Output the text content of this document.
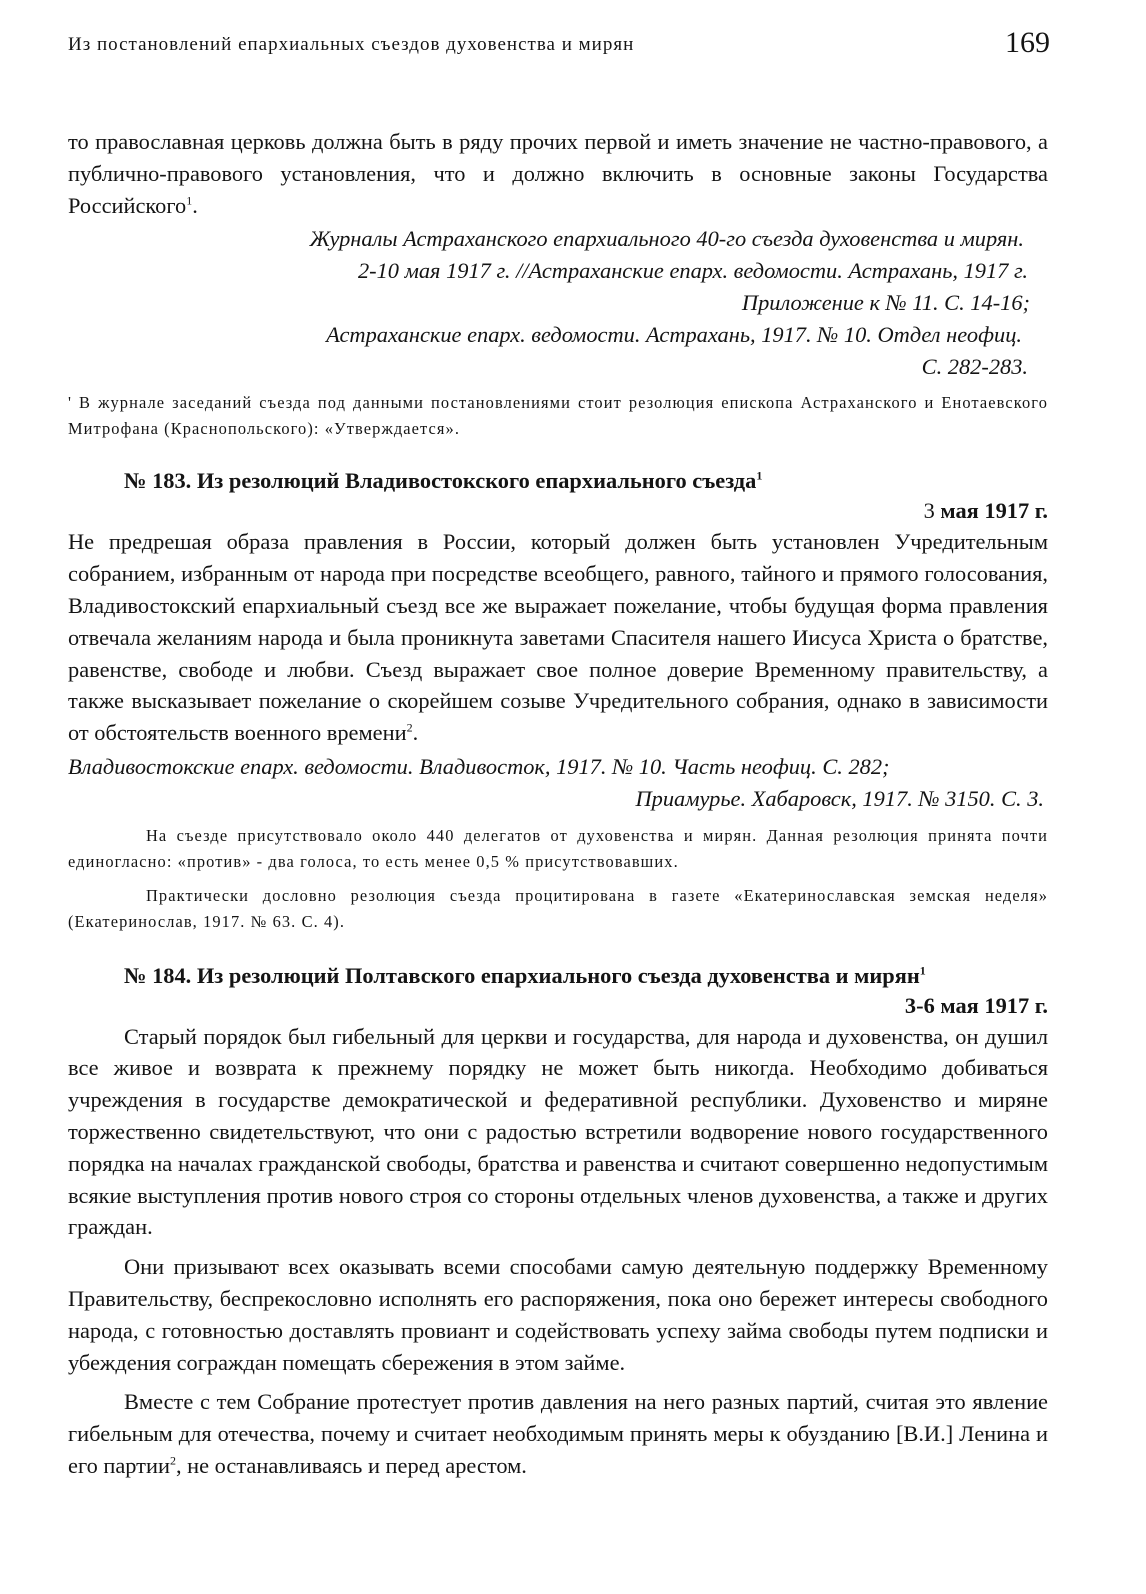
Из постановлений епархиальных съездов духовенства и мирян	169

то православная церковь должна быть в ряду прочих первой и иметь значение не частно-правового, а публично-правового установления, что и должно включить в основные законы Государства Российского$^1$.

Журналы Астраханского епархиального 40-го съезда духовенства и мирян.
2-10 мая 1917 г. //Астраханские епарх. ведомости. Астрахань, 1917 г.
Приложение к № 11. С. 14-16;
Астраханские епарх. ведомости. Астрахань, 1917. № 10. Отдел неофиц.
С. 282-283.

' В журнале заседаний съезда под данными постановлениями стоит резолюция епископа Астраханского и Енотаевского Митрофана (Краснопольского): «Утверждается».

№ 183. Из резолюций Владивостокского епархиального съезда$^1$
3 мая 1917 г.

Не предрешая образа правления в России, который должен быть установлен Учредительным собранием, избранным от народа при посредстве всеобщего, равного, тайного и прямого голосования, Владивостокский епархиальный съезд все же выражает пожелание, чтобы будущая форма правления отвечала желаниям народа и была проникнута заветами Спасителя нашего Иисуса Христа о братстве, равенстве, свободе и любви. Съезд выражает свое полное доверие Временному правительству, а также высказывает пожелание о скорейшем созыве Учредительного собрания, однако в зависимости от обстоятельств военного времени$^2$.

Владивостокские епарх. ведомости. Владивосток, 1917. № 10. Часть неофиц. С. 282;
Приамурье. Хабаровск, 1917. № 3150. С. 3.

На съезде присутствовало около 440 делегатов от духовенства и мирян. Данная резолюция принята почти единогласно: «против» - два голоса, то есть менее 0,5 % присутствовавших.

Практически дословно резолюция съезда процитирована в газете «Екатеринославская земская неделя» (Екатеринослав, 1917. № 63. С. 4).

№ 184. Из резолюций Полтавского епархиального съезда духовенства и мирян$^1$
3-6 мая 1917 г.

Старый порядок был гибельный для церкви и государства, для народа и духовенства, он душил все живое и возврата к прежнему порядку не может быть никогда. Необходимо добиваться учреждения в государстве демократической и федеративной республики. Духовенство и миряне торжественно свидетельствуют, что они с радостью встретили водворение нового государственного порядка на началах гражданской свободы, братства и равенства и считают совершенно недопустимым всякие выступления против нового строя со стороны отдельных членов духовенства, а также и других граждан.

Они призывают всех оказывать всеми способами самую деятельную поддержку Временному Правительству, беспрекословно исполнять его распоряжения, пока оно бережет интересы свободного народа, с готовностью доставлять провиант и содействовать успеху займа свободы путем подписки и убеждения сограждан помещать сбережения в этом займе.

Вместе с тем Собрание протестует против давления на него разных партий, считая это явление гибельным для отечества, почему и считает необходимым принять меры к обузданию [В.И.] Ленина и его партии$^2$, не останавливаясь и перед арестом.
